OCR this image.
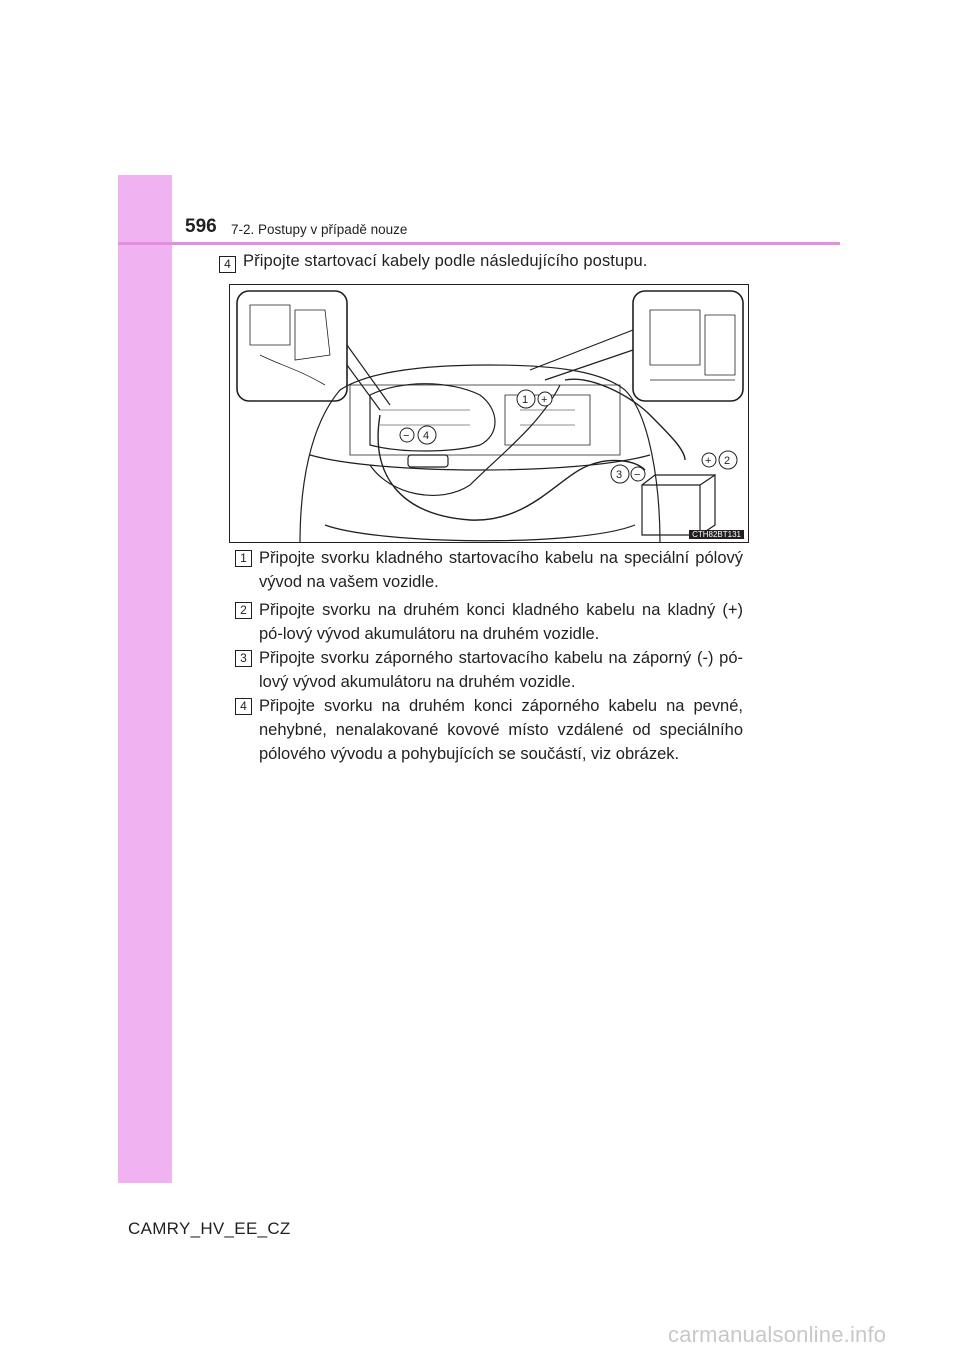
596 7-2. Postupy v případě nouze
4 Připojte startovací kabely podle následujícího postupu.
1 +
2
+
3 −
4
−
CTH82BT131
1 Připojte svorku kladného startovacího kabelu na speciální pólový vývod na vašem vozidle.
2 Připojte svorku na druhém konci kladného kabelu na kladný (+) pó-lový vývod akumulátoru na druhém vozidle.
3 Připojte svorku záporného startovacího kabelu na záporný (-) pó-lový vývod akumulátoru na druhém vozidle.
4 Připojte svorku na druhém konci záporného kabelu na pevné, nehybné, nenalakované kovové místo vzdálené od speciálního pólového vývodu a pohybujících se součástí, viz obrázek.
CAMRY_HV_EE_CZ
carmanualsonline.info
